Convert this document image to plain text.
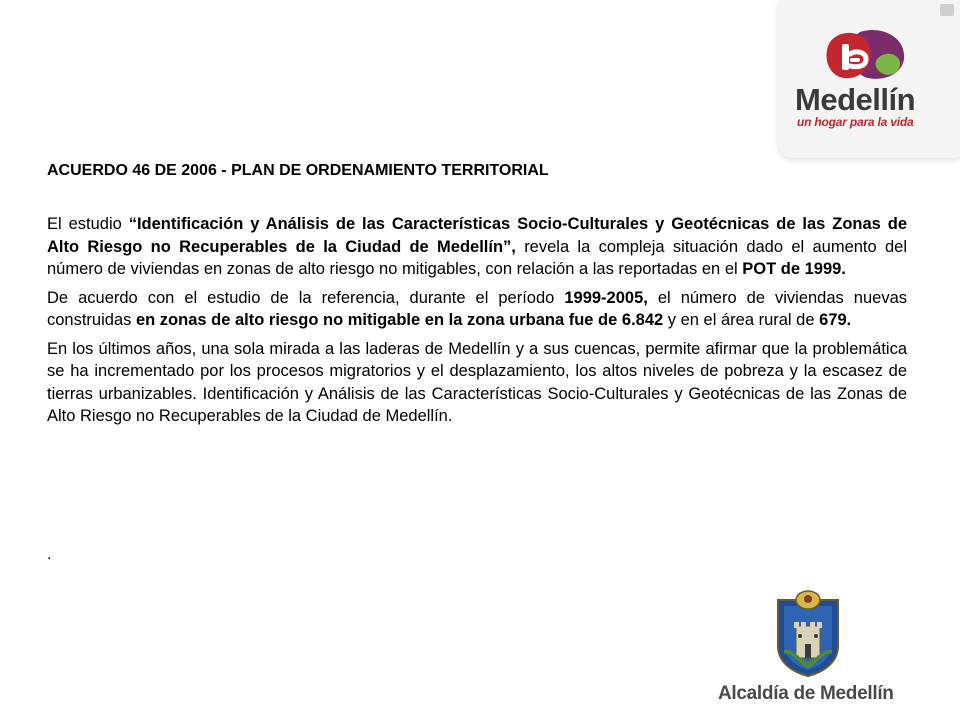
Medellín
un hogar para la vida
ACUERDO 46 DE 2006 - PLAN DE ORDENAMIENTO TERRITORIAL

El estudio “Identificación y Análisis de las Características Socio-Culturales y Geotécnicas de las Zonas de Alto Riesgo no Recuperables de la Ciudad de Medellín”, revela la compleja situación dado el aumento del número de viviendas en zonas de alto riesgo no mitigables, con relación a las reportadas en el POT de 1999.

De acuerdo con el estudio de la referencia, durante el período 1999-2005, el número de viviendas nuevas construidas en zonas de alto riesgo no mitigable en la zona urbana fue de 6.842 y en el área rural de 679.

En los últimos años, una sola mirada a las laderas de Medellín y a sus cuencas, permite afirmar que la problemática se ha incrementado por los procesos migratorios y el desplazamiento, los altos niveles de pobreza y la escasez de tierras urbanizables. Identificación y Análisis de las Características Socio-Culturales y Geotécnicas de las Zonas de Alto Riesgo no Recuperables de la Ciudad de Medellín.

.
Alcaldía de Medellín
